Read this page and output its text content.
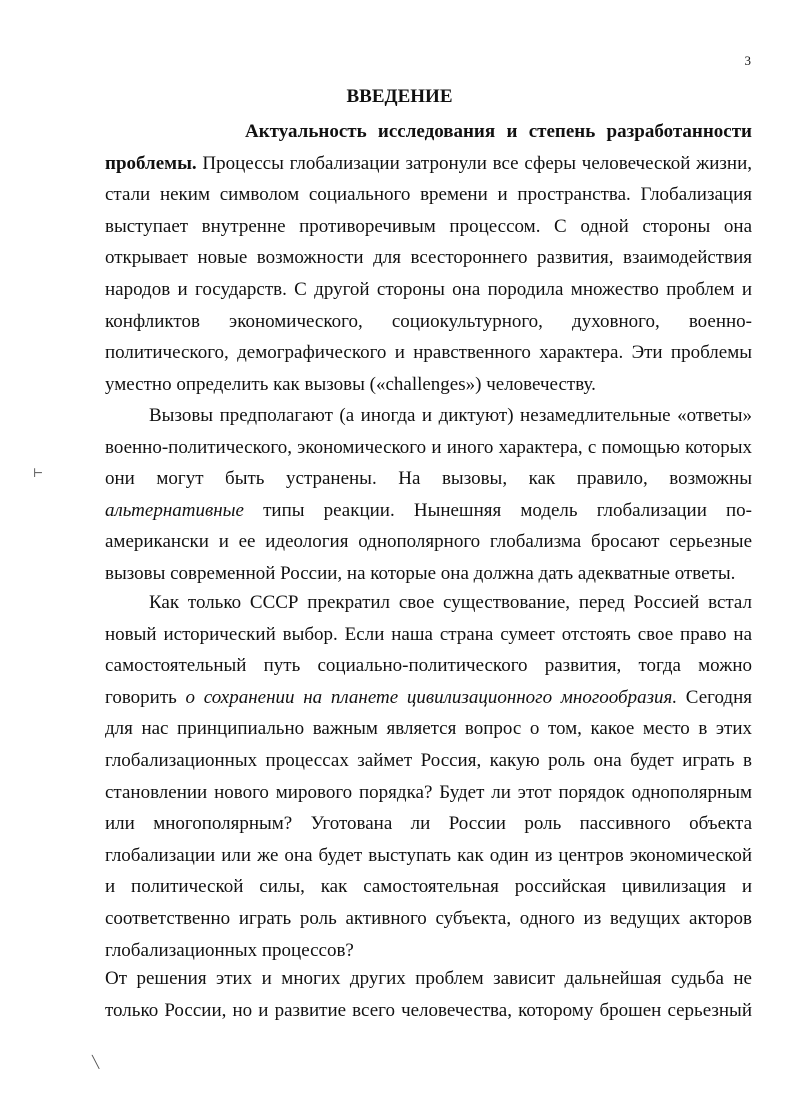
3
ВВЕДЕНИЕ
Актуальность исследования и степень разработанности
проблемы. Процессы глобализации затронули все сферы человеческой жизни,
стали неким символом социального времени и пространства. Глобализация
выступает внутренне противоречивым процессом. С одной стороны она
открывает новые возможности для всестороннего развития, взаимодействия
народов и государств. С другой стороны она породила множество проблем и
конфликтов экономического, социокультурного, духовного, военно-
политического, демографического и нравственного характера. Эти проблемы
уместно определить как вызовы («challenges») человечеству.
Вызовы предполагают (а иногда и диктуют) незамедлительные «ответы»
военно-политического, экономического и иного характера, с помощью которых
они могут быть устранены. На вызовы, как правило, возможны
альтернативные типы реакции. Нынешняя модель глобализации по-
американски и ее идеология однополярного глобализма бросают серьезные
вызовы современной России, на которые она должна дать адекватные ответы.
Как только СССР прекратил свое существование, перед Россией встал
новый исторический выбор. Если наша страна сумеет отстоять свое право на
самостоятельный путь социально-политического развития, тогда можно
говорить о сохранении на планете цивилизационного многообразия. Сегодня
для нас принципиально важным является вопрос о том, какое место в этих
глобализационных процессах займет Россия, какую роль она будет играть в
становлении нового мирового порядка? Будет ли этот порядок однополярным
или многополярным? Уготована ли России роль пассивного объекта
глобализации или же она будет выступать как один из центров экономической
и политической силы, как самостоятельная российская цивилизация и
соответственно играть роль активного субъекта, одного из ведущих акторов
глобализационных процессов?
От решения этих и многих других проблем зависит дальнейшая судьба не
только России, но и развитие всего человечества, которому брошен серьезный
⊢
╲
